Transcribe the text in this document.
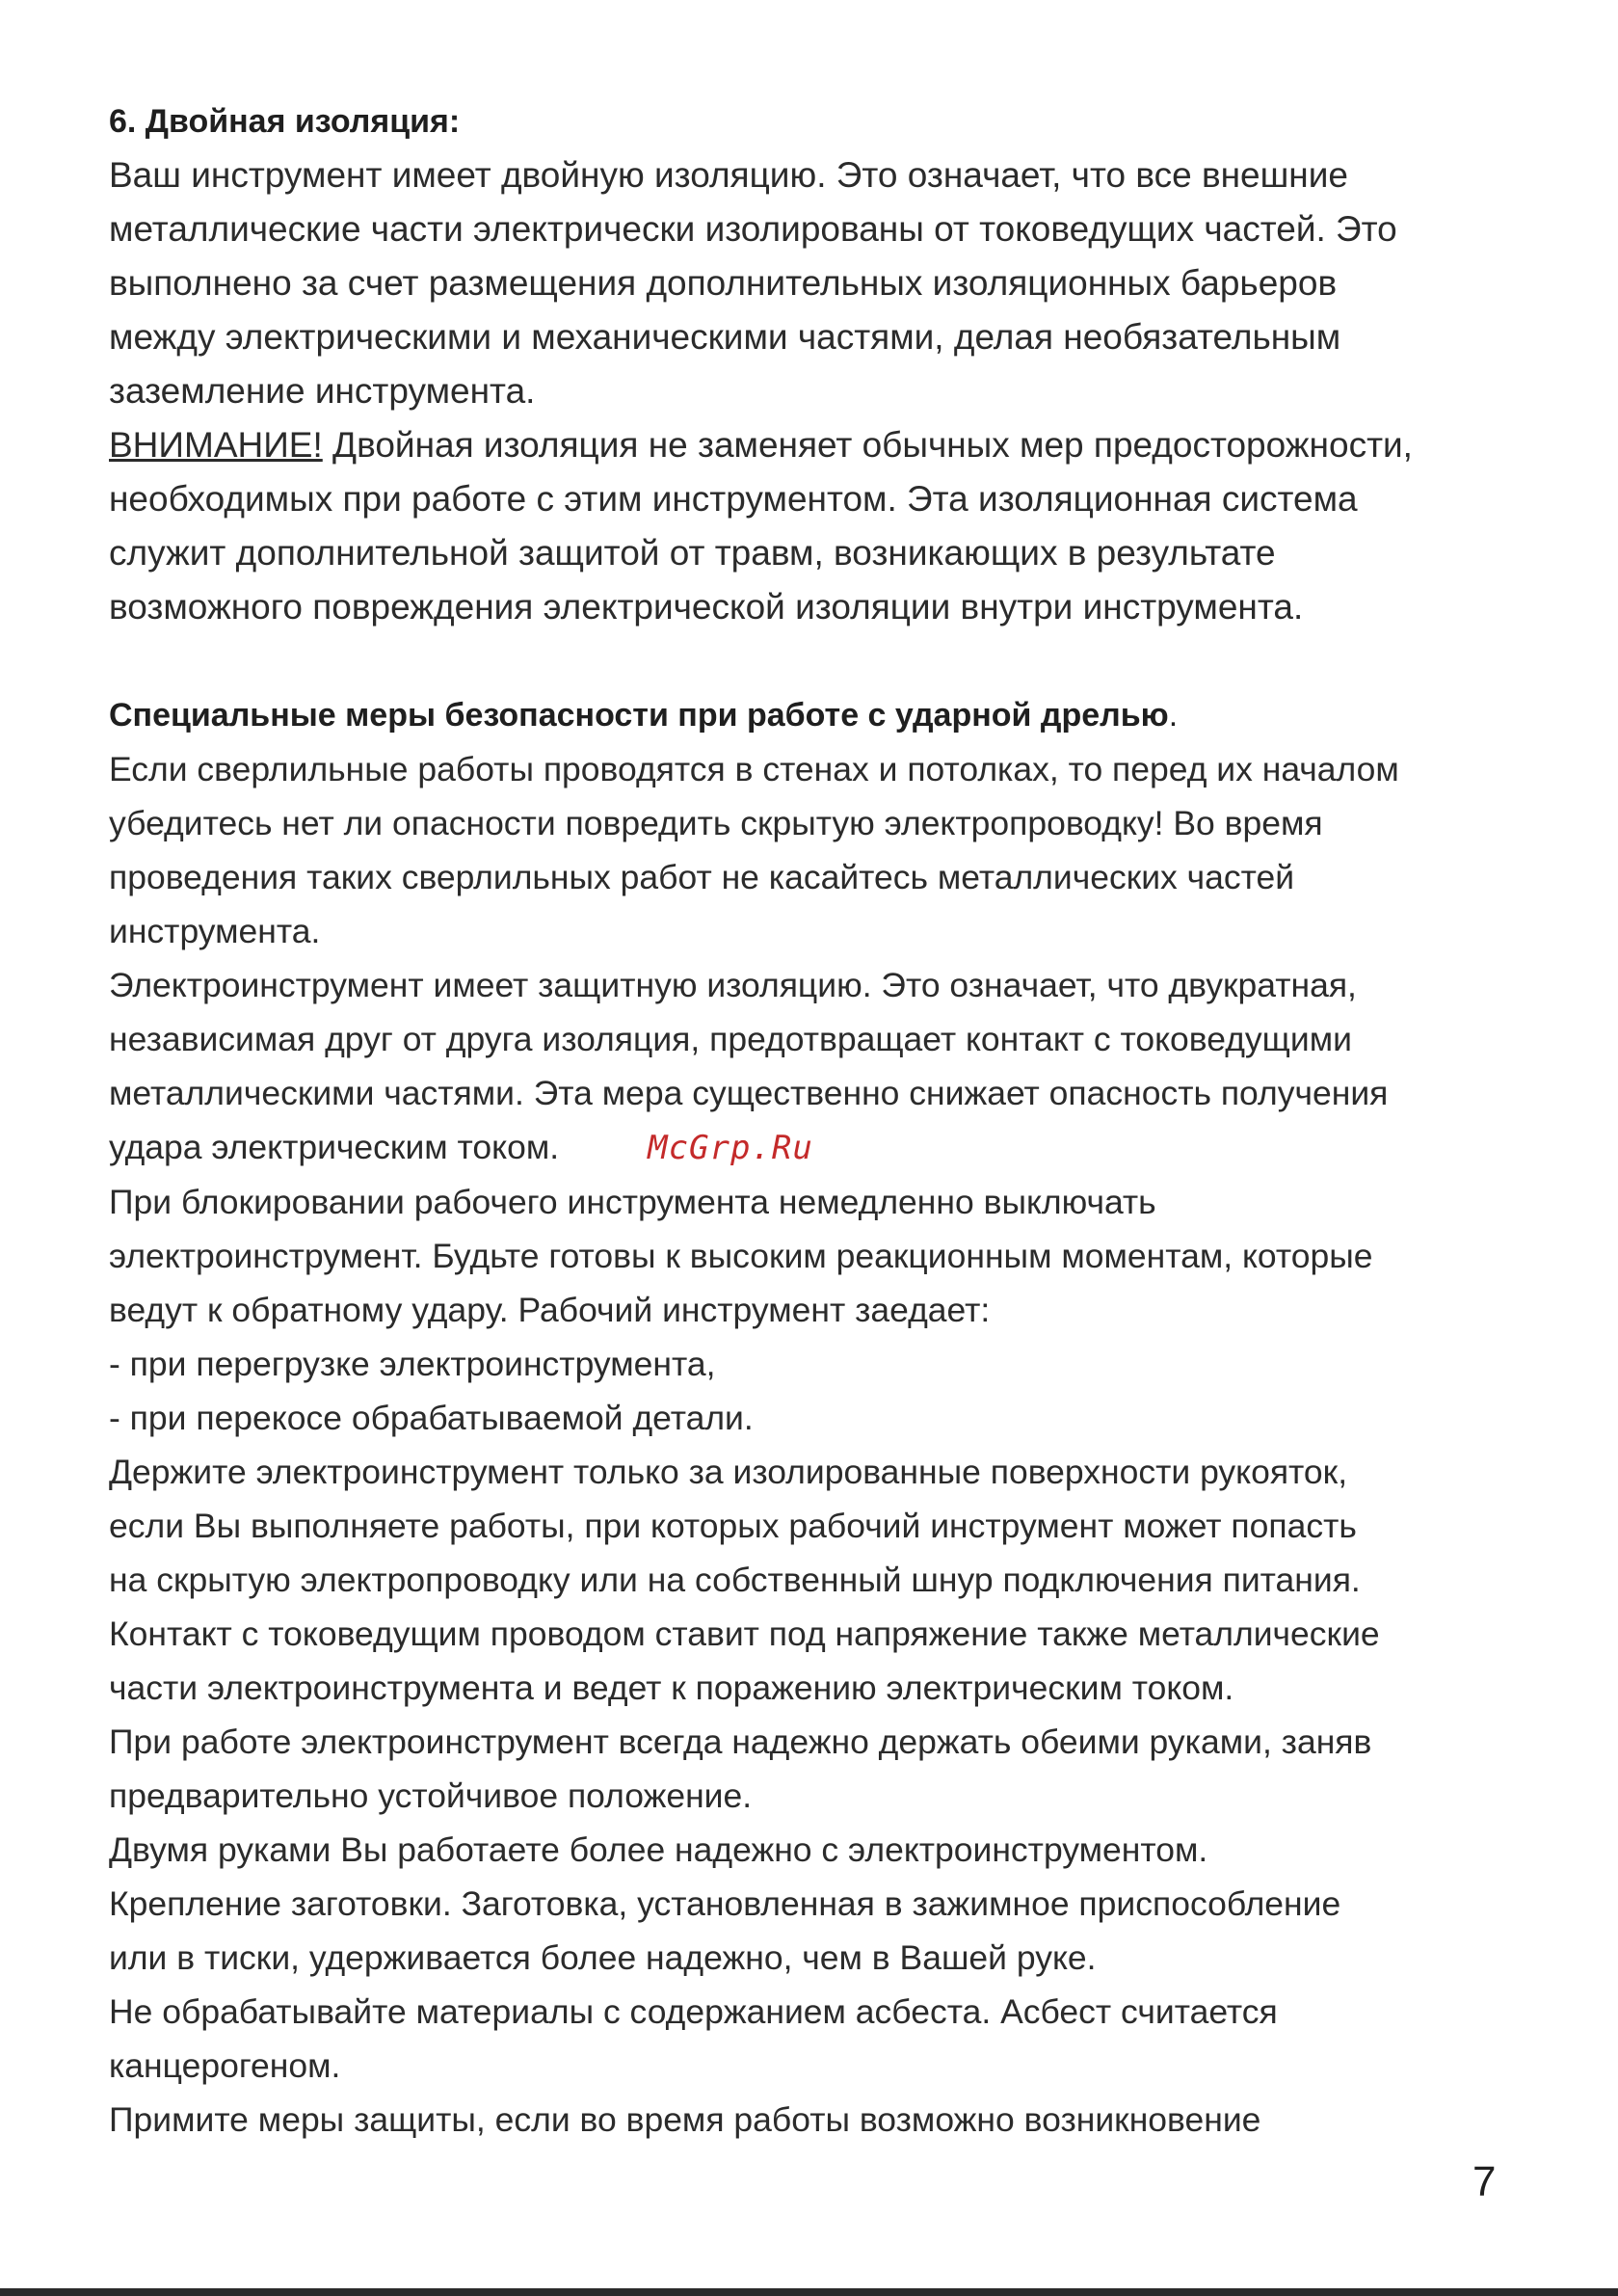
6. Двойная изоляция:

Ваш инструмент имеет двойную изоляцию. Это означает, что все внешние
металлические части электрически изолированы от токоведущих частей. Это
выполнено за счет размещения дополнительных изоляционных барьеров
между электрическими и механическими частями, делая необязательным
заземление инструмента.

ВНИМАНИЕ! Двойная изоляция не заменяет обычных мер предосторожности,
необходимых при работе с этим инструментом. Эта изоляционная система
служит дополнительной защитой от травм, возникающих в результате
возможного повреждения электрической изоляции внутри инструмента.

Специальные меры безопасности при работе с ударной дрелью.

Если сверлильные работы проводятся в стенах и потолках, то перед их началом
убедитесь нет ли опасности повредить скрытую электропроводку! Во время
проведения таких сверлильных работ не касайтесь металлических частей
инструмента.

Электроинструмент имеет защитную изоляцию. Это означает, что двукратная,
независимая друг от друга изоляция, предотвращает контакт с токоведущими
металлическими частями. Эта мера существенно снижает опасность получения
удара электрическим током.	McGrp.Ru

При блокировании рабочего инструмента немедленно выключать
электроинструмент. Будьте готовы к высоким реакционным моментам, которые
ведут к обратному удару. Рабочий инструмент заедает:
- при перегрузке электроинструмента,
- при перекосе обрабатываемой детали.

Держите электроинструмент только за изолированные поверхности рукояток,
если Вы выполняете работы, при которых рабочий инструмент может попасть
на скрытую электропроводку или на собственный шнур подключения питания.
Контакт с токоведущим проводом ставит под напряжение также металлические
части электроинструмента и ведет к поражению электрическим током.

При работе электроинструмент всегда надежно держать обеими руками, заняв
предварительно устойчивое положение.
Двумя руками Вы работаете более надежно с электроинструментом.

Крепление заготовки. Заготовка, установленная в зажимное приспособление
или в тиски, удерживается более надежно, чем в Вашей руке.

Не обрабатывайте материалы с содержанием асбеста. Асбест считается
канцерогеном.

Примите меры защиты, если во время работы возможно возникновение

7
